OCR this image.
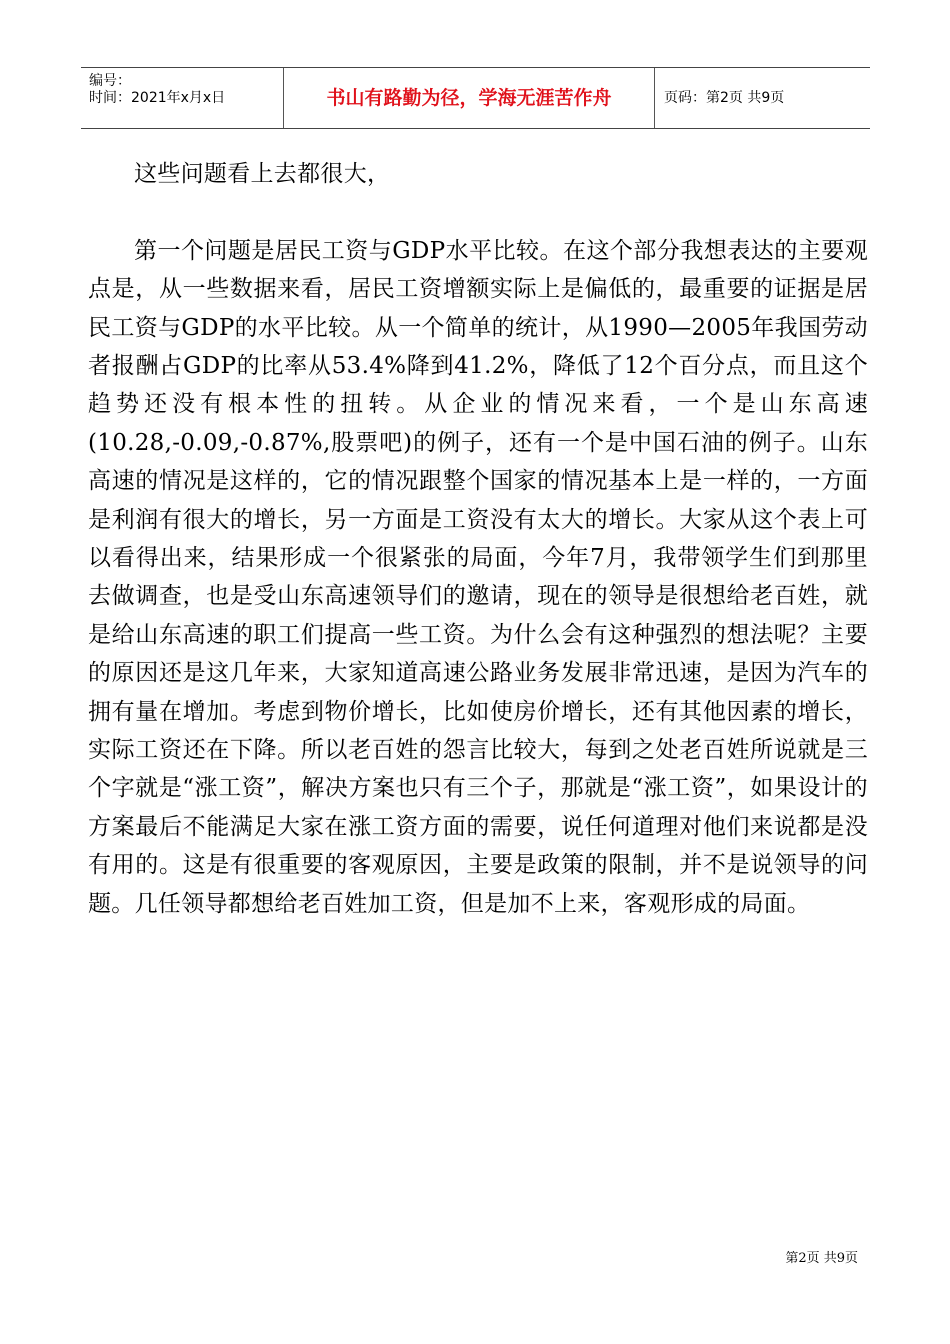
编号：
时间：2021年x月x日	书山有路勤为径，学海无涯苦作舟	页码：第2页 共9页

这些问题看上去都很大，

第一个问题是居民工资与GDP水平比较。在这个部分我想表达的主要观点是，从一些数据来看，居民工资增额实际上是偏低的，最重要的证据是居民工资与GDP的水平比较。从一个简单的统计，从1990—2005年我国劳动者报酬占GDP的比率从53.4%降到41.2%，降低了12个百分点，而且这个趋势还没有根本性的扭转。从企业的情况来看，一个是山东高速(10.28,-0.09,-0.87%,股票吧)的例子，还有一个是中国石油的例子。山东高速的情况是这样的，它的情况跟整个国家的情况基本上是一样的，一方面是利润有很大的增长，另一方面是工资没有太大的增长。大家从这个表上可以看得出来，结果形成一个很紧张的局面，今年7月，我带领学生们到那里去做调查，也是受山东高速领导们的邀请，现在的领导是很想给老百姓，就是给山东高速的职工们提高一些工资。为什么会有这种强烈的想法呢？主要的原因还是这几年来，大家知道高速公路业务发展非常迅速，是因为汽车的拥有量在增加。考虑到物价增长，比如使房价增长，还有其他因素的增长，实际工资还在下降。所以老百姓的怨言比较大，每到之处老百姓所说就是三个字就是“涨工资”，解决方案也只有三个子，那就是“涨工资”，如果设计的方案最后不能满足大家在涨工资方面的需要，说任何道理对他们来说都是没有用的。这是有很重要的客观原因，主要是政策的限制，并不是说领导的问题。几任领导都想给老百姓加工资，但是加不上来，客观形成的局面。

第2页 共9页
